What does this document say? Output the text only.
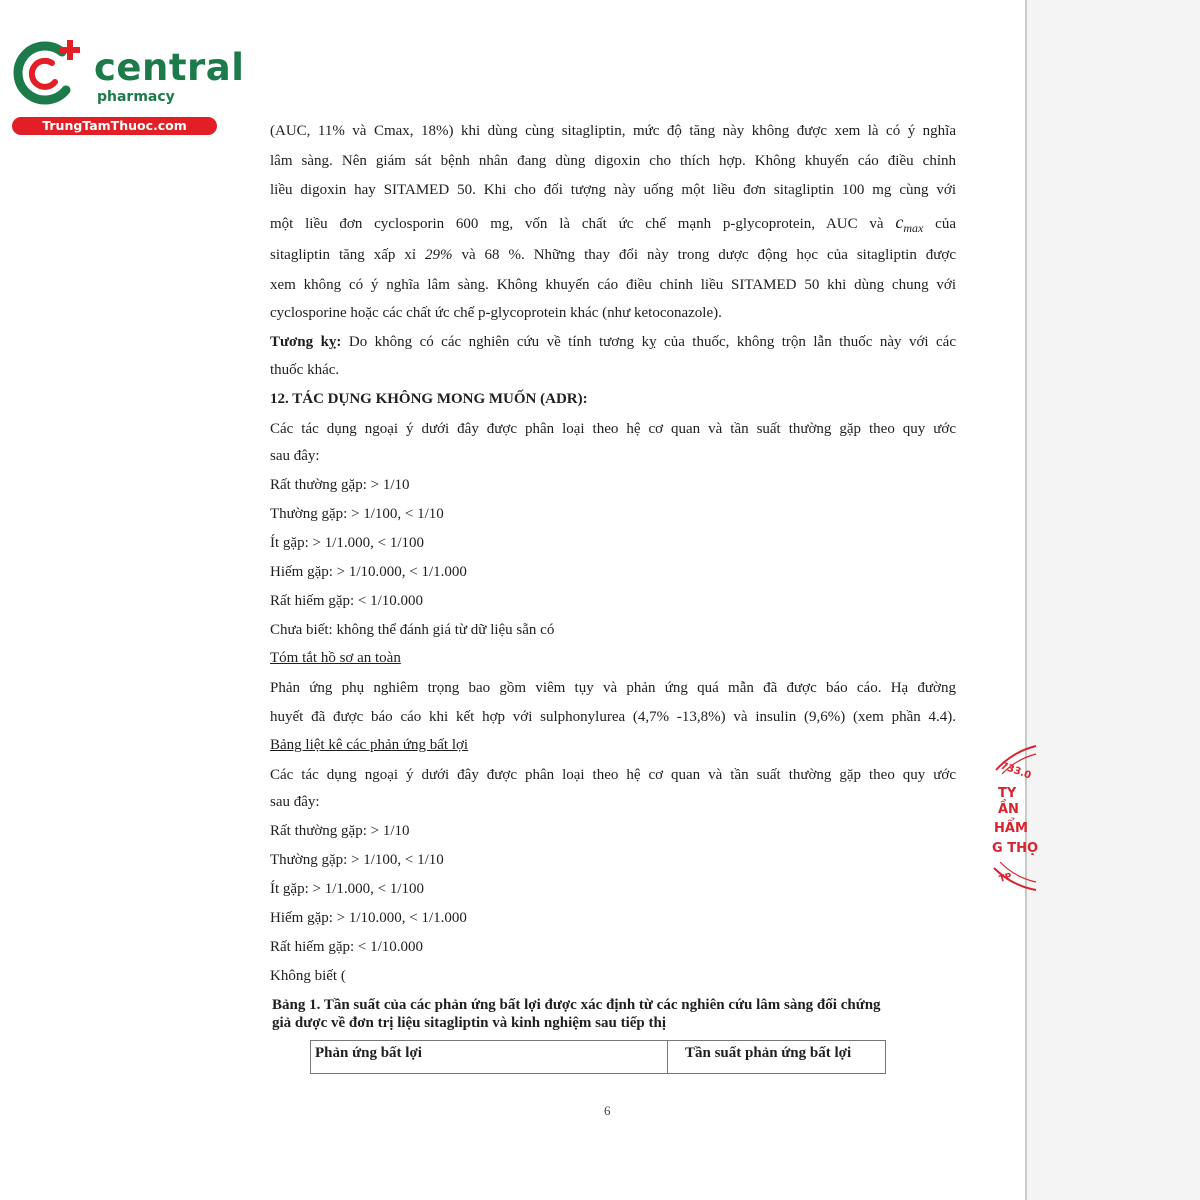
central
pharmacy
TrungTamThuoc.com	(AUC, 11% và Cmax, 18%) khi dùng cùng sitagliptin, mức độ tăng này không được xem là có ý nghĩa
lâm sàng. Nên giám sát bệnh nhân đang dùng digoxin cho thích hợp. Không khuyến cáo điều chỉnh
liều digoxin hay SITAMED 50. Khi cho đối tượng này uống một liều đơn sitagliptin 100 mg cùng với
một liều đơn cyclosporin 600 mg, vốn là chất ức chế mạnh p-glycoprotein, AUC và $c_{max}$ của
sitagliptin tăng xấp xỉ 29% và 68 %. Những thay đổi này trong dược động học của sitagliptin được
xem không có ý nghĩa lâm sàng. Không khuyến cáo điều chỉnh liều SITAMED 50 khi dùng chung với
cyclosporine hoặc các chất ức chế p-glycoprotein khác (như ketoconazole).
Tương kỵ: Do không có các nghiên cứu về tính tương kỵ của thuốc, không trộn lẫn thuốc này với các
thuốc khác.
12. TÁC DỤNG KHÔNG MONG MUỐN (ADR):
Các tác dụng ngoại ý dưới đây được phân loại theo hệ cơ quan và tần suất thường gặp theo quy ước
sau đây:
Rất thường gặp: > 1/10
Thường gặp: > 1/100, < 1/10
Ít gặp: > 1/1.000, < 1/100
Hiếm gặp: > 1/10.000, < 1/1.000
Rất hiếm gặp: < 1/10.000
Chưa biết: không thể đánh giá từ dữ liệu sẵn có
Tóm tắt hồ sơ an toàn
Phản ứng phụ nghiêm trọng bao gồm viêm tụy và phản ứng quá mẫn đã được báo cáo. Hạ đường
huyết đã được báo cáo khi kết hợp với sulphonylurea (4,7% -13,8%) và insulin (9,6%) (xem phần 4.4).
Bảng liệt kê các phản ứng bất lợi
Các tác dụng ngoại ý dưới đây được phân loại theo hệ cơ quan và tần suất thường gặp theo quy ước
sau đây:
Rất thường gặp: > 1/10
Thường gặp: > 1/100, < 1/10
Ít gặp: > 1/1.000, < 1/100
Hiếm gặp: > 1/10.000, < 1/1.000
Rất hiếm gặp: < 1/10.000
Không biết (
Bảng 1. Tần suất của các phản ứng bất lợi được xác định từ các nghiên cứu lâm sàng đối chứng
giả dược về đơn trị liệu sitagliptin và kinh nghiệm sau tiếp thị
Phản ứng bất lợi	Tần suất phản ứng bất lợi
6
733.0
TY
ẦN
HẨM
G THỌ
TP
